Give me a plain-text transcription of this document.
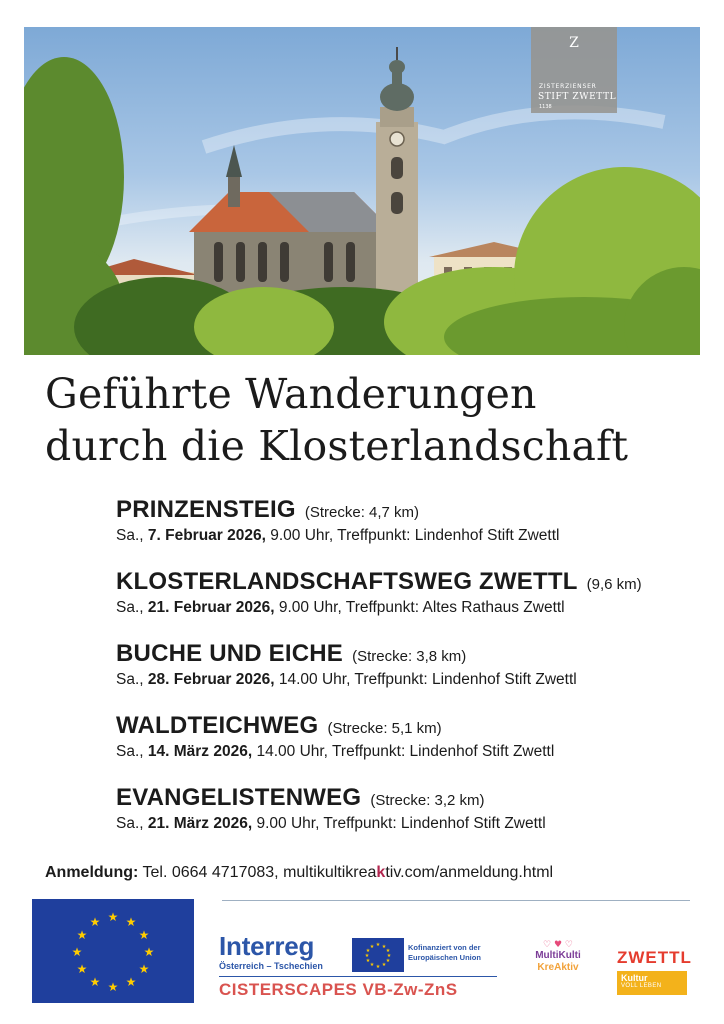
Z
ZISTERZIENSER
STIFT ZWETTL
1138
Geführte Wanderungen
durch die Klosterlandschaft
PRINZENSTEIG (Strecke: 4,7 km)
Sa., 7. Februar 2026, 9.00 Uhr, Treffpunkt: Lindenhof Stift Zwettl
KLOSTERLANDSCHAFTSWEG ZWETTL (9,6 km)
Sa., 21. Februar 2026, 9.00 Uhr, Treffpunkt: Altes Rathaus Zwettl
BUCHE UND EICHE (Strecke: 3,8 km)
Sa., 28. Februar 2026, 14.00 Uhr, Treffpunkt: Lindenhof Stift Zwettl
WALDTEICHWEG (Strecke: 5,1 km)
Sa., 14. März 2026, 14.00 Uhr, Treffpunkt: Lindenhof Stift Zwettl
EVANGELISTENWEG (Strecke: 3,2 km)
Sa., 21. März 2026, 9.00 Uhr, Treffpunkt: Lindenhof Stift Zwettl
Anmeldung: Tel. 0664 4717083, multikultikreaktiv.com/anmeldung.html
★ ★
★
★
★
★
★
★
★
★
★
★
Interreg
Österreich – Tschechien
★ ★
★
★
★
★
★
★
★
★
★
★	Kofinanziert von der Europäischen Union
CISTERSCAPES VB-Zw-ZnS
♡ ♥ ♡
MultiKulti
KreAktiv
ZWETTL
Kultur
VOLL LEBEN
